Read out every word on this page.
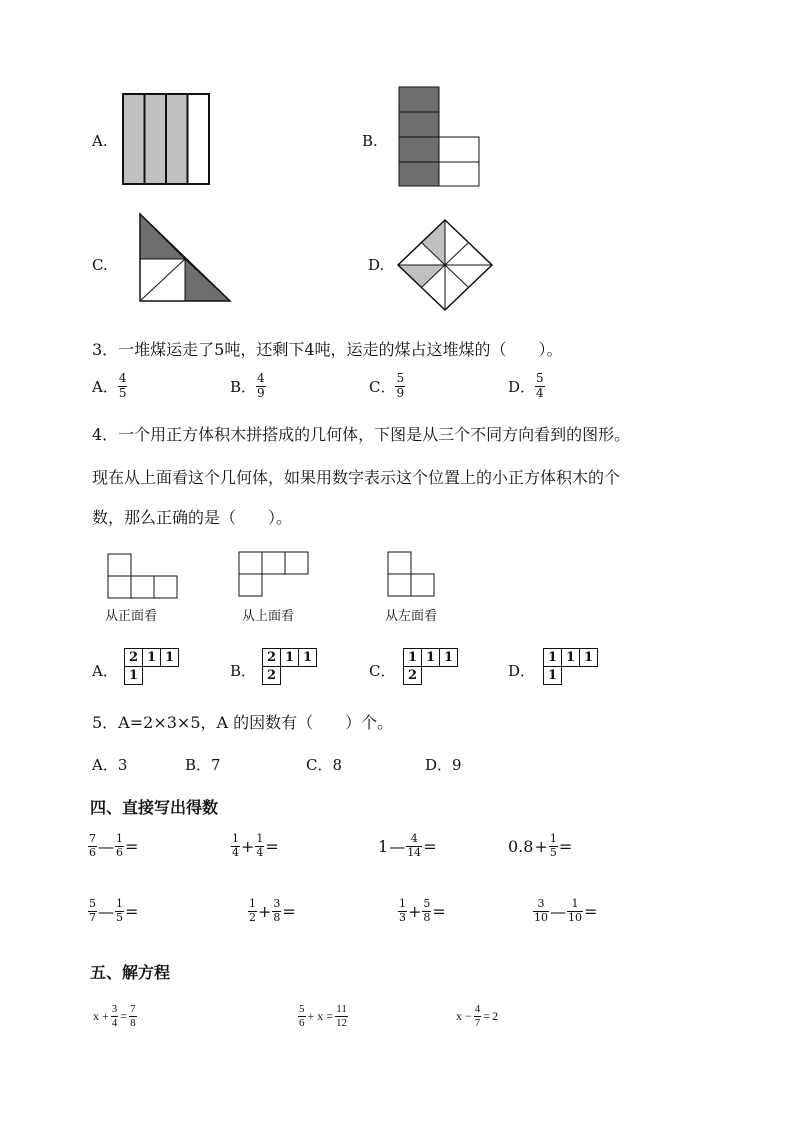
A.	B.
C.	D.
3．一堆煤运走了5吨，还剩下4吨，运走的煤占这堆煤的（　　）。
A． $\frac{4}{5}$	B． $\frac{4}{9}$	C． $\frac{5}{9}$	D． $\frac{5}{4}$
4．一个用正方体积木拼搭成的几何体，下图是从三个不同方向看到的图形。
现在从上面看这个几何体，如果用数字表示这个位置上的小正方体积木的个
数，那么正确的是（　　）。
从正面看	从上面看	从左面看
A．
2	1	1
1			B．
2	1	1
2			C．
1	1	1
2			D．
1	1	1
1		
5．A=2×3×5，A 的因数有（　　）个。
A．3	B．7	C．8	D．9
四、直接写出得数
$\frac{7}{6}$ — $\frac{1}{6}$ =	$\frac{1}{4} + \frac{1}{4}$ =	1 — $\frac{4}{14}$ =	$0.8 + \frac{1}{5}$ =
$\frac{5}{7}$ — $\frac{1}{5}$ =	$\frac{1}{2} + \frac{3}{8}$ =	$\frac{1}{3} + \frac{5}{8}$ =	$\frac{3}{10}$ — $\frac{1}{10}$ =
五、解方程
$x + \frac{3}{4} = \frac{7}{8}$	$\frac{5}{6} + x = \frac{11}{12}$	$x - \frac{4}{7} = 2$
